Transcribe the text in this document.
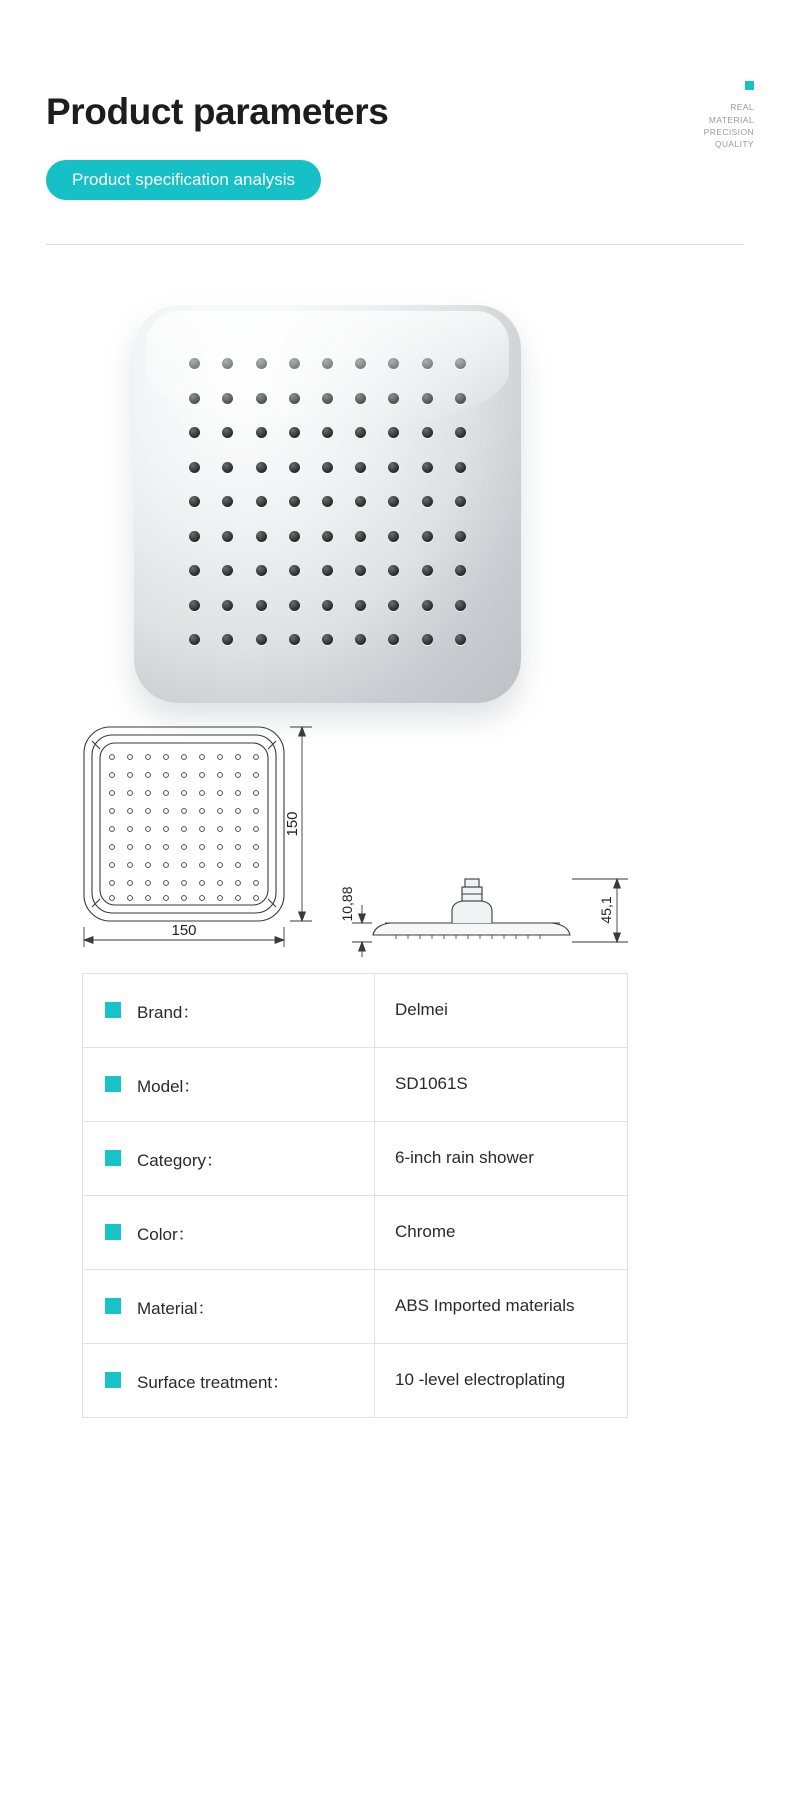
Product parameters
Product specification analysis
REAL
MATERIAL
PRECISION
QUALITY
150
150
10,88	45,1
Brand：	Delmei

Model：	SD1061S

Category：	6-inch rain shower

Color：	Chrome

Material：	ABS Imported materials

Surface treatment：	10 -level electroplating
